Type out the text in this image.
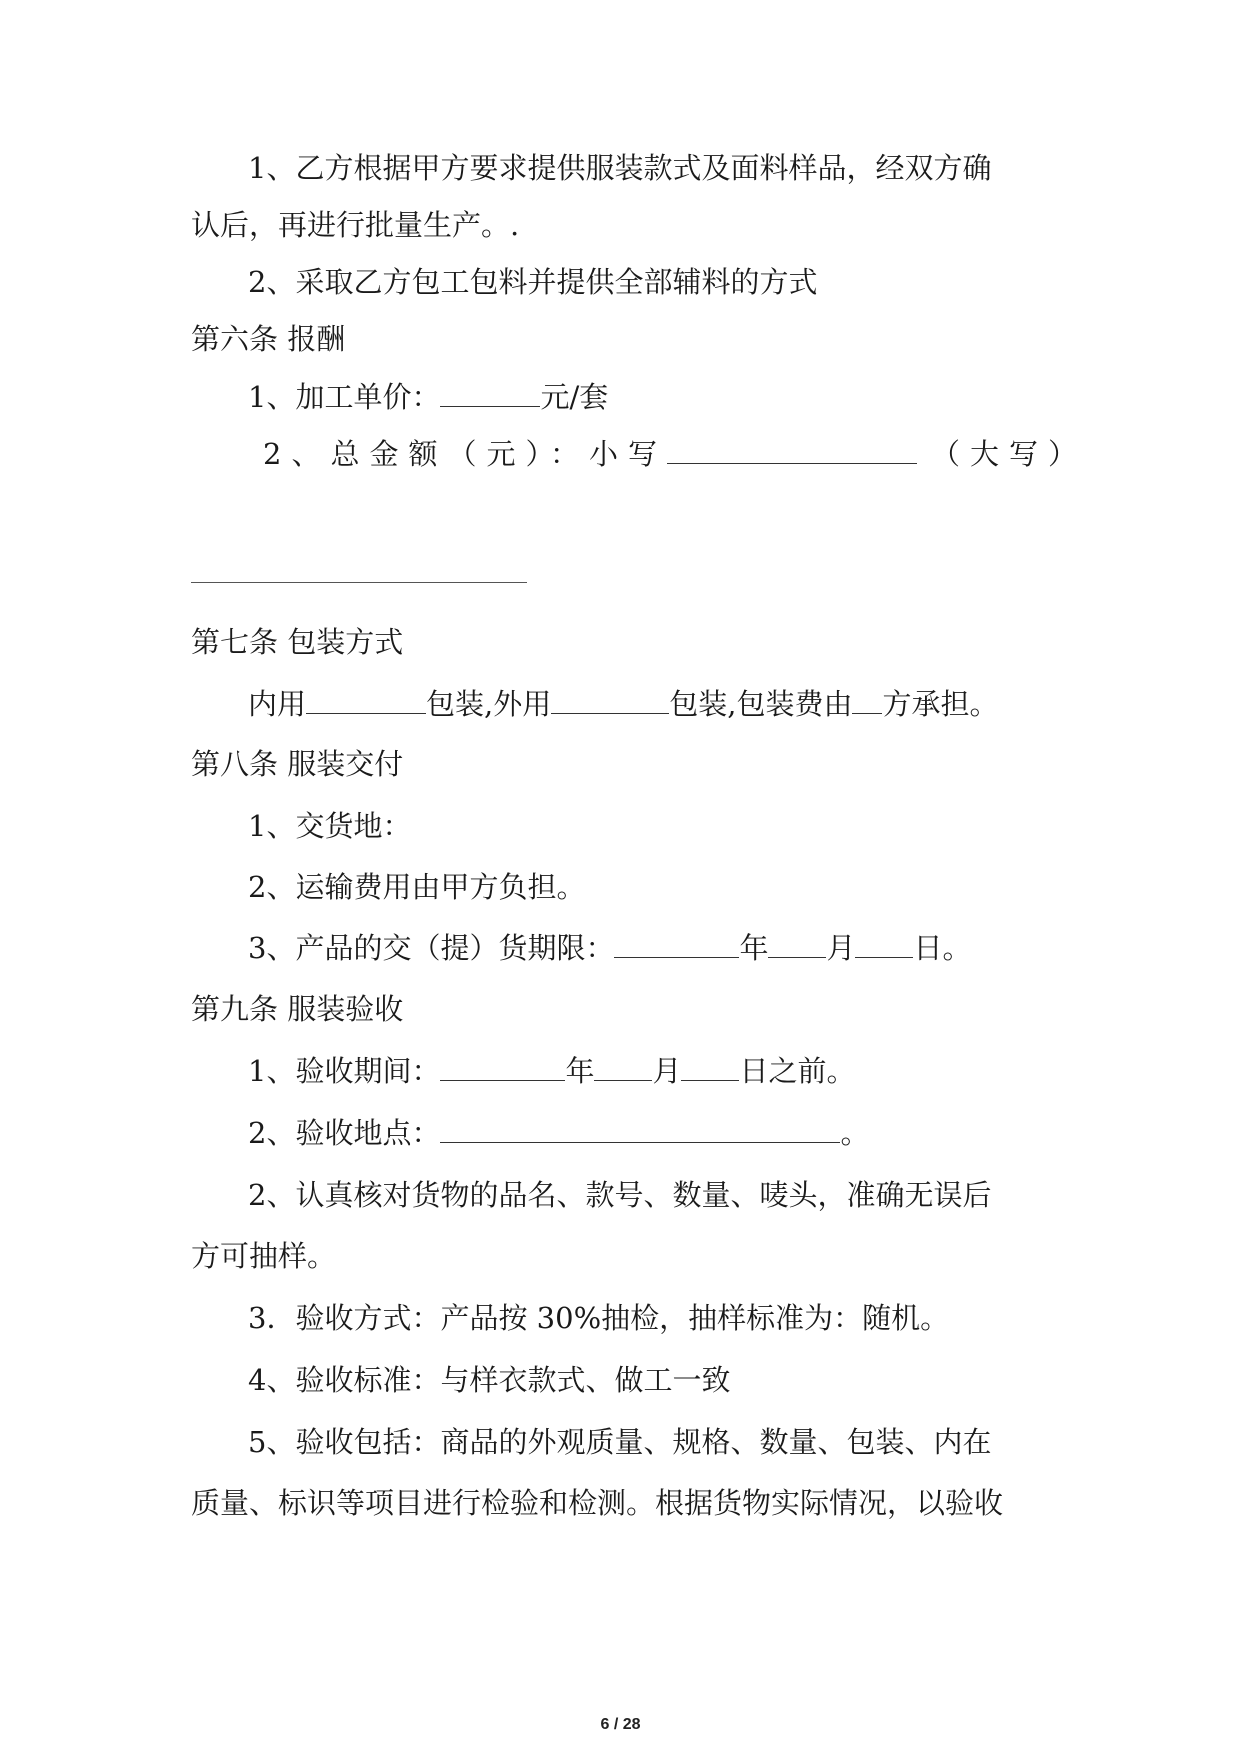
1、乙方根据甲方要求提供服装款式及面料样品，经双方确
认后，再进行批量生产。.
2、采取乙方包工包料并提供全部辅料的方式
第六条 报酬
1、加工单价：	元/套
2、总金额（元）：小写	（大写）
第七条 包装方式
内用	包装,外用	包装,包装费由 方承担。
第八条 服装交付
1、交货地：
2、运输费用由甲方负担。
3、产品的交（提）货期限：	年 月 日。
第九条 服装验收
1、验收期间：	年 月 日之前。
2、验收地点：	。
2、认真核对货物的品名、款号、数量、唛头，准确无误后
方可抽样。
3．验收方式：产品按 30%抽检，抽样标准为：随机。
4、验收标准：与样衣款式、做工一致
5、验收包括：商品的外观质量、规格、数量、包装、内在
质量、标识等项目进行检验和检测。根据货物实际情况，以验收
6 / 28
